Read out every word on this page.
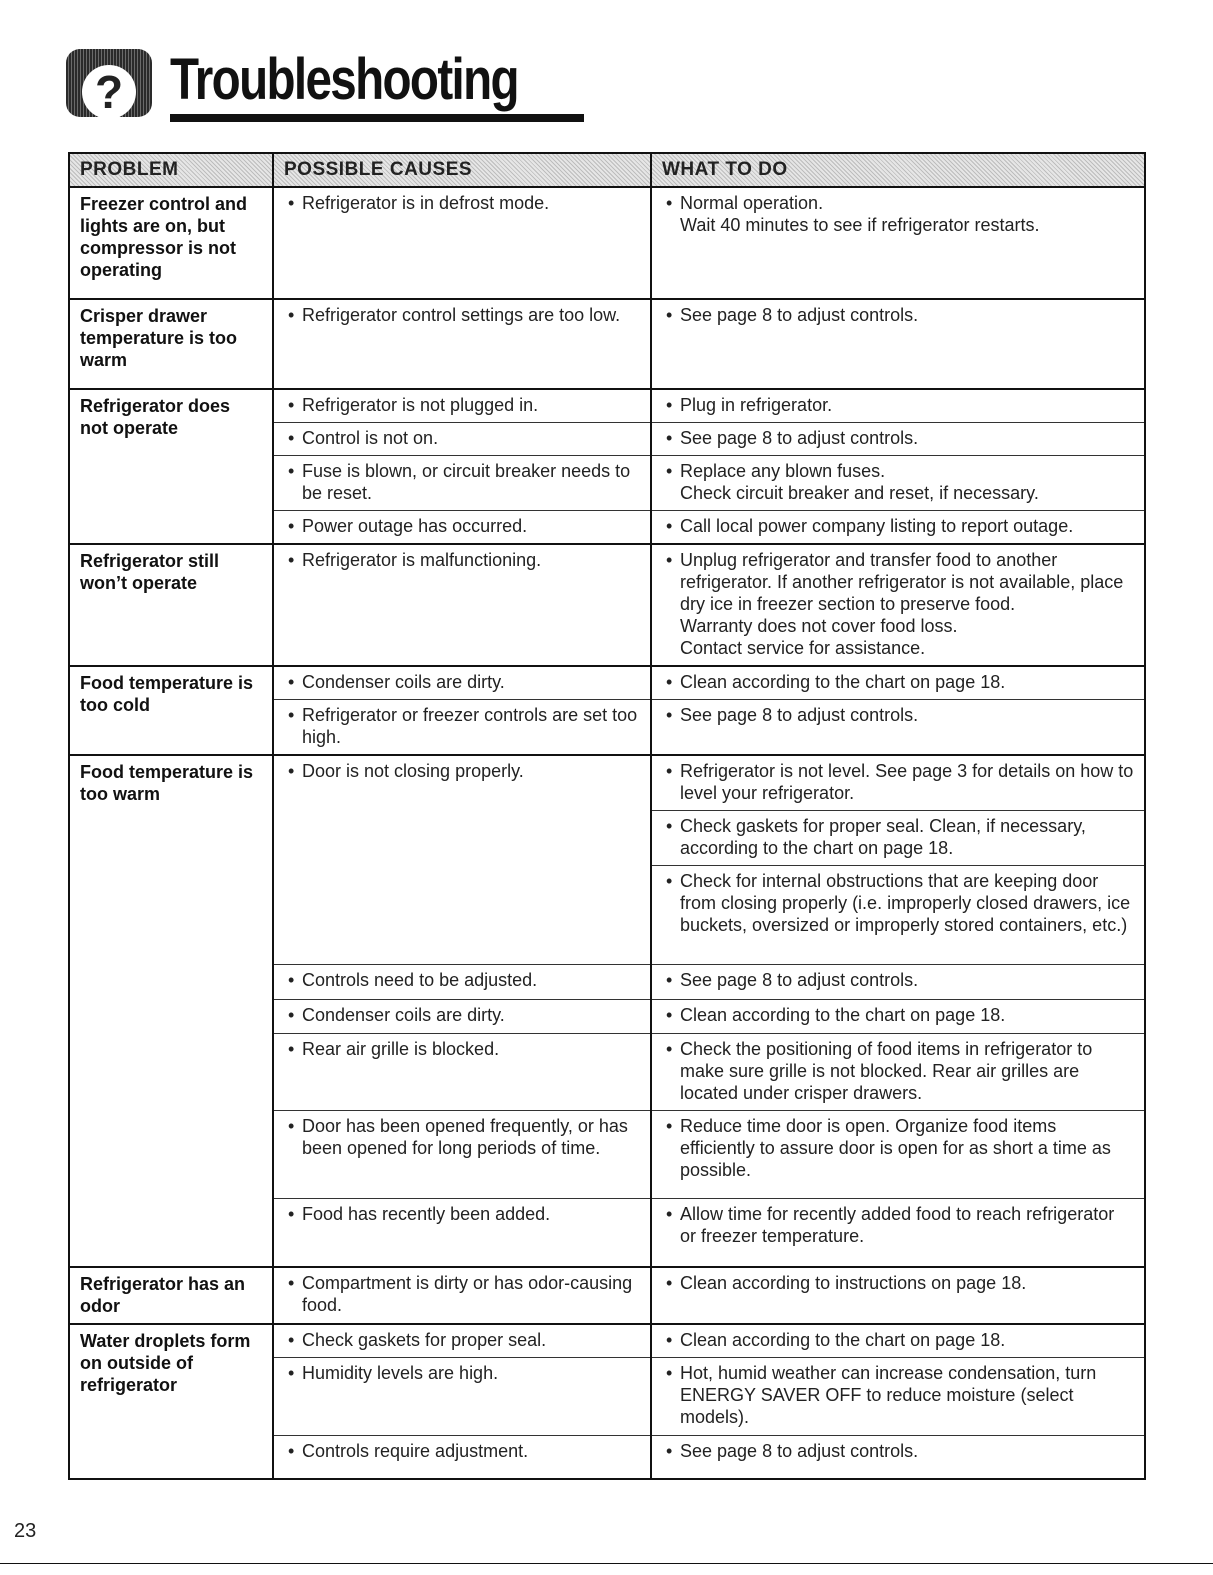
? Troubleshooting
PROBLEM	POSSIBLE CAUSES	WHAT TO DO
Freezer control and lights are on, but compressor is not operating	• Refrigerator is in defrost mode.	• Normal operation.
Wait 40 minutes to see if refrigerator restarts.

Crisper drawer temperature is too warm	• Refrigerator control settings are too low.	• See page 8 to adjust controls.

Refrigerator does not operate	• Refrigerator is not plugged in.	• Plug in refrigerator.

	• Control is not on.	• See page 8 to adjust controls.

	• Fuse is blown, or circuit breaker needs to be reset.	• Replace any blown fuses.
Check circuit breaker and reset, if necessary.

	• Power outage has occurred.	• Call local power company listing to report outage.

Refrigerator still won’t operate	• Refrigerator is malfunctioning.	• Unplug refrigerator and transfer food to another refrigerator. If another refrigerator is not available, place dry ice in freezer section to preserve food.
Warranty does not cover food loss.
Contact service for assistance.

Food temperature is too cold	• Condenser coils are dirty.	• Clean according to the chart on page 18.

	• Refrigerator or freezer controls are set too high.	• See page 8 to adjust controls.

Food temperature is too warm	• Door is not closing properly.	• Refrigerator is not level. See page 3 for details on how to level your refrigerator.

		• Check gaskets for proper seal. Clean, if necessary, according to the chart on page 18.

		• Check for internal obstructions that are keeping door from closing properly (i.e. improperly closed drawers, ice buckets, oversized or improperly stored containers, etc.)

	• Controls need to be adjusted.	• See page 8 to adjust controls.

	• Condenser coils are dirty.	• Clean according to the chart on page 18.

	• Rear air grille is blocked.	• Check the positioning of food items in refrigerator to make sure grille is not blocked. Rear air grilles are located under crisper drawers.

	• Door has been opened frequently, or has been opened for long periods of time.	• Reduce time door is open. Organize food items efficiently to assure door is open for as short a time as possible.

	• Food has recently been added.	• Allow time for recently added food to reach refrigerator or freezer temperature.

Refrigerator has an odor	• Compartment is dirty or has odor-causing food.	• Clean according to instructions on page 18.

Water droplets form on outside of refrigerator	• Check gaskets for proper seal.	• Clean according to the chart on page 18.

	• Humidity levels are high.	• Hot, humid weather can increase condensation, turn ENERGY SAVER OFF to reduce moisture (select models).

	• Controls require adjustment.	• See page 8 to adjust controls.
23
